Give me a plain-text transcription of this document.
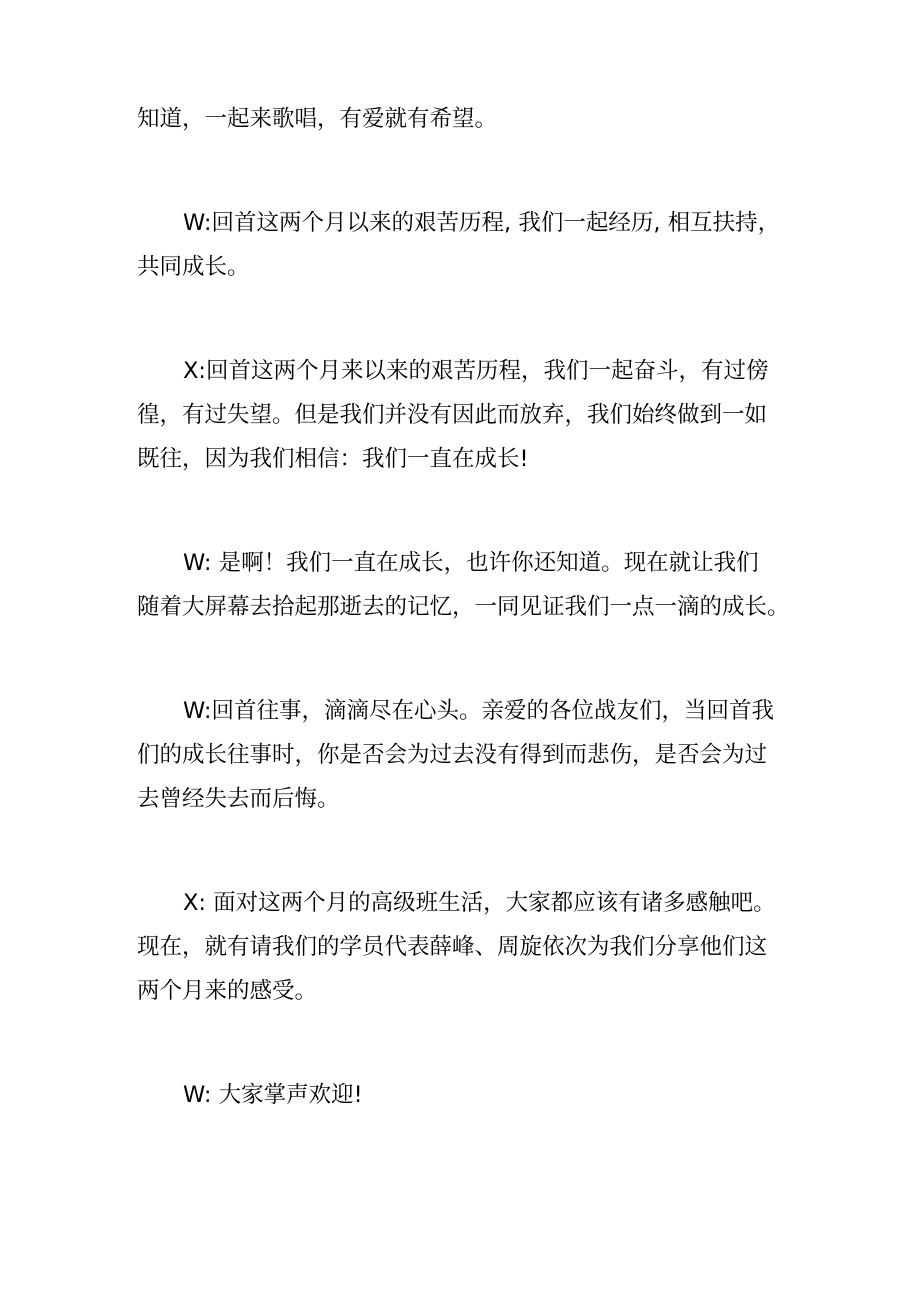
知道，一起来歌唱，有爱就有希望。

W:回首这两个月以来的艰苦历程, 我们一起经历, 相互扶持，
共同成长。

X:回首这两个月来以来的艰苦历程，我们一起奋斗，有过傍
徨，有过失望。但是我们并没有因此而放弃，我们始终做到一如
既往，因为我们相信：我们一直在成长!

W: 是啊！我们一直在成长，也许你还知道。现在就让我们
随着大屏幕去拾起那逝去的记忆，一同见证我们一点一滴的成长。

W:回首往事，滴滴尽在心头。亲爱的各位战友们，当回首我
们的成长往事时，你是否会为过去没有得到而悲伤，是否会为过
去曾经失去而后悔。

X: 面对这两个月的高级班生活，大家都应该有诸多感触吧。
现在，就有请我们的学员代表薛峰、周旋依次为我们分享他们这
两个月来的感受。

W: 大家掌声欢迎!
